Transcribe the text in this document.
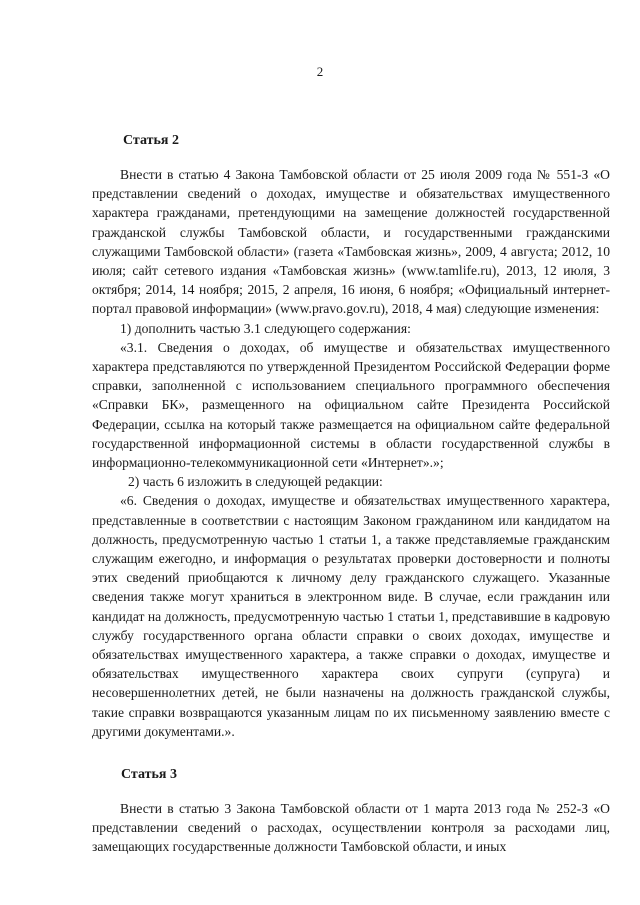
2
Статья 2

Внести в статью 4 Закона Тамбовской области от 25 июля 2009 года № 551-З «О представлении сведений о доходах, имуществе и обязательствах имущественного характера гражданами, претендующими на замещение должностей государственной гражданской службы Тамбовской области, и государственными гражданскими служащими Тамбовской области» (газета «Тамбовская жизнь», 2009, 4 августа; 2012, 10 июля; сайт сетевого издания «Тамбовская жизнь» (www.tamlife.ru), 2013, 12 июля, 3 октября; 2014, 14 ноября; 2015, 2 апреля, 16 июня, 6 ноября; «Официальный интернет-портал правовой информации» (www.pravo.gov.ru), 2018, 4 мая) следующие изменения:

1) дополнить частью 3.1 следующего содержания:

«3.1. Сведения о доходах, об имуществе и обязательствах имущественного характера представляются по утвержденной Президентом Российской Федерации форме справки, заполненной с использованием специального программного обеспечения «Справки БК», размещенного на официальном сайте Президента Российской Федерации, ссылка на который также размещается на официальном сайте федеральной государственной информационной системы в области государственной службы в информационно-телекоммуникационной сети «Интернет».»;

2) часть 6 изложить в следующей редакции:

«6. Сведения о доходах, имуществе и обязательствах имущественного характера, представленные в соответствии с настоящим Законом гражданином или кандидатом на должность, предусмотренную частью 1 статьи 1, а также представляемые гражданским служащим ежегодно, и информация о результатах проверки достоверности и полноты этих сведений приобщаются к личному делу гражданского служащего. Указанные сведения также могут храниться в электронном виде. В случае, если гражданин или кандидат на должность, предусмотренную частью 1 статьи 1, представившие в кадровую службу государственного органа области справки о своих доходах, имуществе и обязательствах имущественного характера, а также справки о доходах, имуществе и обязательствах имущественного характера своих супруги (супруга) и несовершеннолетних детей, не были назначены на должность гражданской службы, такие справки возвращаются указанным лицам по их письменному заявлению вместе с другими документами.».

Статья 3

Внести в статью 3 Закона Тамбовской области от 1 марта 2013 года № 252-З «О представлении сведений о расходах, осуществлении контроля за расходами лиц, замещающих государственные должности Тамбовской области, и иных
